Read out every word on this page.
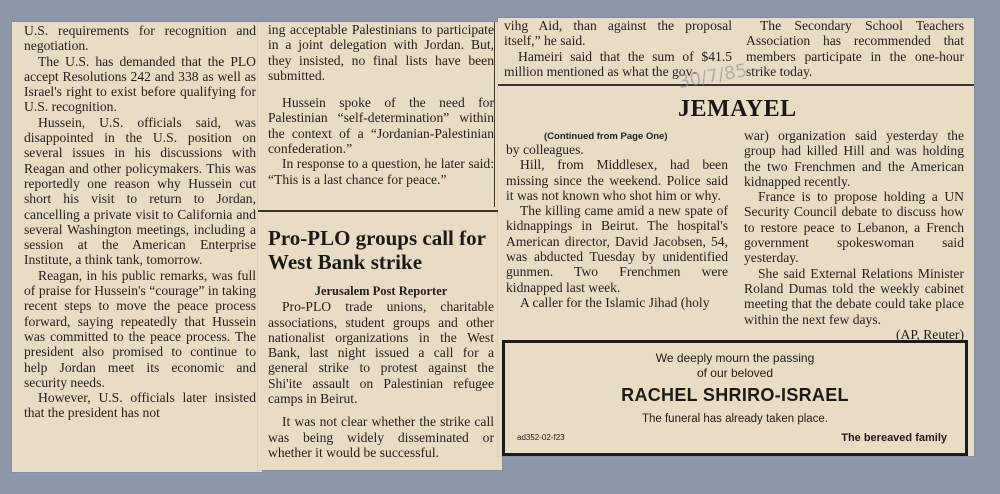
U.S. requirements for recognition and negotiation.

The U.S. has demanded that the PLO accept Resolutions 242 and 338 as well as Israel's right to exist before qualifying for U.S. recognition.

Hussein, U.S. officials said, was disappointed in the U.S. position on several issues in his discussions with Reagan and other policymakers. This was reportedly one reason why Hussein cut short his visit to return to Jordan, cancelling a private visit to California and several Washington meetings, including a session at the American Enterprise Institute, a think tank, tomorrow.

Reagan, in his public remarks, was full of praise for Hussein's “courage” in taking recent steps to move the peace process forward, saying repeatedly that Hussein was committed to the peace process. The president also promised to continue to help Jordan meet its economic and security needs.

However, U.S. officials later insisted that the president has not

ing acceptable Palestinians to participate in a joint delegation with Jordan. But, they insisted, no final lists have been submitted.

Hussein spoke of the need for Palestinian “self-determination” within the context of a “Jordanian-Palestinian confederation.”

In response to a question, he later said: “This is a last chance for peace.”

Pro-PLO groups call for West Bank strike
Jerusalem Post Reporter

Pro-PLO trade unions, charitable associations, student groups and other nationalist organizations in the West Bank, last night issued a call for a general strike to protest against the Shi'ite assault on Palestinian refugee camps in Beirut.

It was not clear whether the strike call was being widely disseminated or whether it would be successful.

vihg Aid, than against the proposal itself,” he said.

Hameiri said that the sum of $41.5 million mentioned as what the gov-

The Secondary School Teachers Association has recommended that members participate in the one-hour strike today.

JEMAYEL
(Continued from Page One)

by colleagues.

Hill, from Middlesex, had been missing since the weekend. Police said it was not known who shot him or why.

The killing came amid a new spate of kidnappings in Beirut. The hospital's American director, David Jacobsen, 54, was abducted Tuesday by unidentified gunmen. Two Frenchmen were kidnapped last week.

A caller for the Islamic Jihad (holy

war) organization said yesterday the group had killed Hill and was holding the two Frenchmen and the American kidnapped recently.

France is to propose holding a UN Security Council debate to discuss how to restore peace to Lebanon, a French government spokeswoman said yesterday.

She said External Relations Minister Roland Dumas told the weekly cabinet meeting that the debate could take place within the next few days.

(AP, Reuter)
30/7/85
We deeply mourn the passing
of our beloved
RACHEL SHRIRO-ISRAEL
The funeral has already taken place.
ad352-02-f23	The bereaved family
